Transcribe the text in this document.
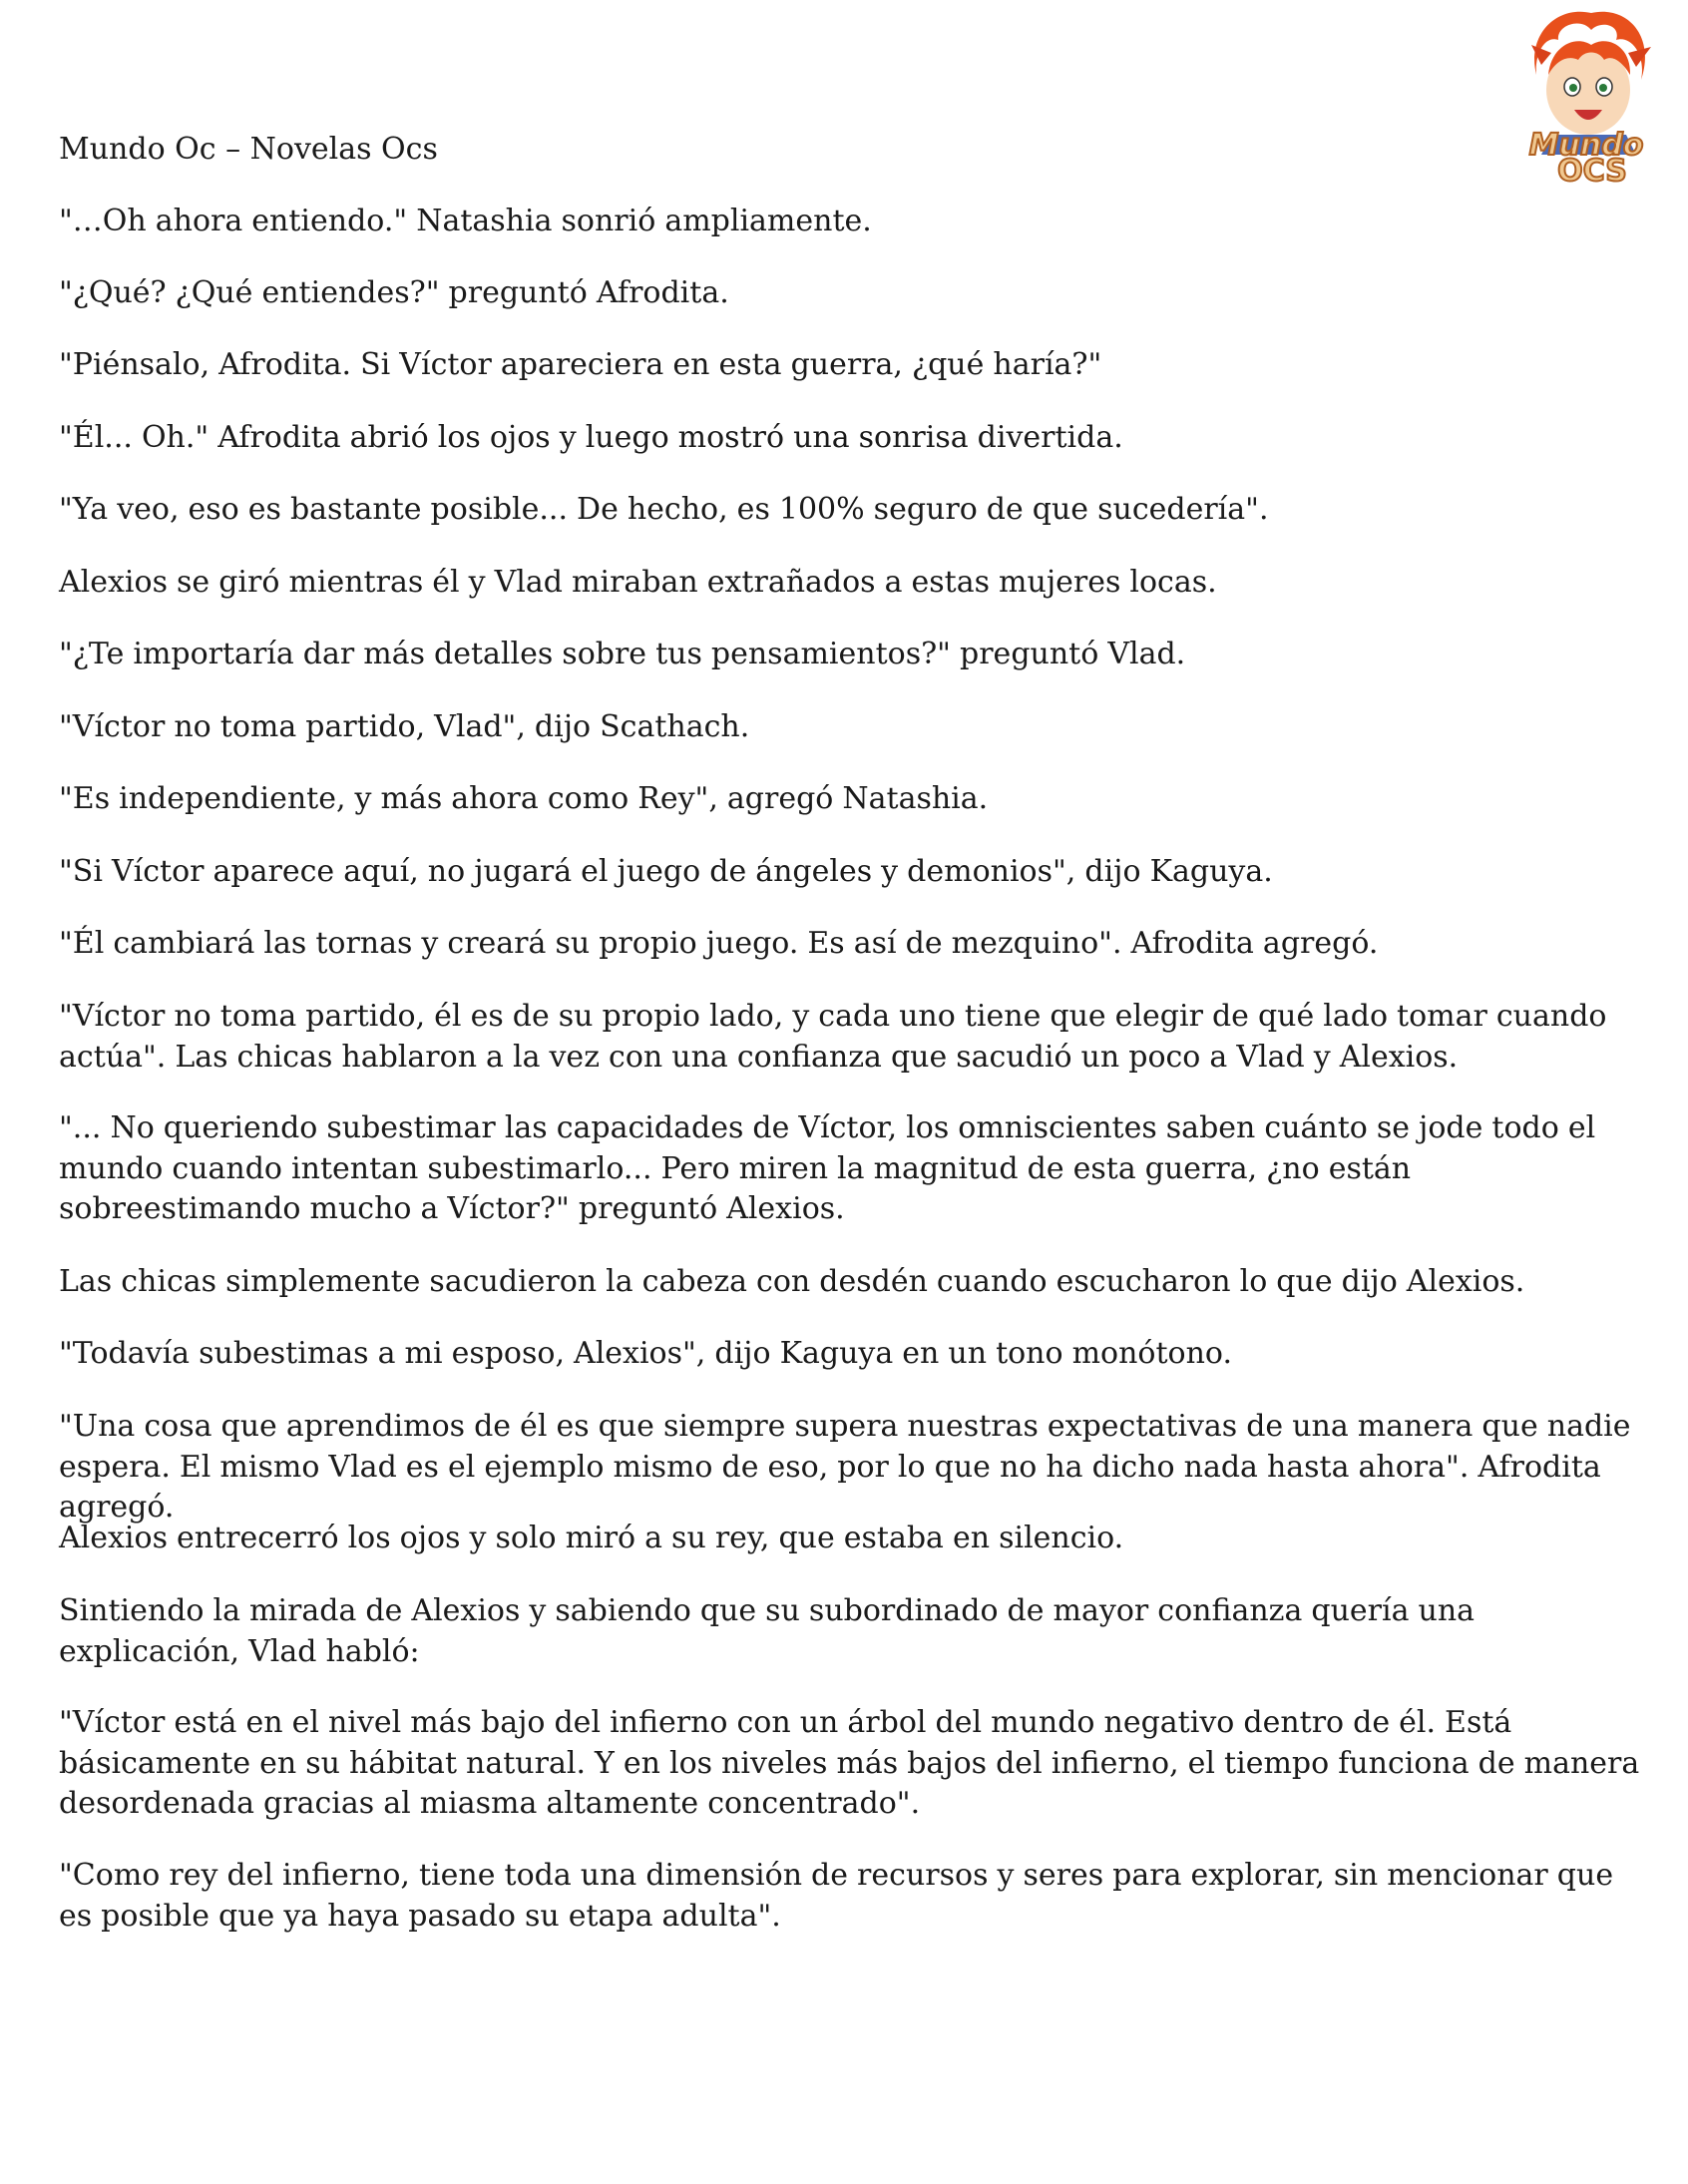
Mundo Oc – Novelas Ocs	Mundo
OCS

"…Oh ahora entiendo." Natashia sonrió ampliamente.

"¿Qué? ¿Qué entiendes?" preguntó Afrodita.

"Piénsalo, Afrodita. Si Víctor apareciera en esta guerra, ¿qué haría?"

"Él... Oh." Afrodita abrió los ojos y luego mostró una sonrisa divertida.

"Ya veo, eso es bastante posible... De hecho, es 100% seguro de que sucedería".

Alexios se giró mientras él y Vlad miraban extrañados a estas mujeres locas.

"¿Te importaría dar más detalles sobre tus pensamientos?" preguntó Vlad.

"Víctor no toma partido, Vlad", dijo Scathach.

"Es independiente, y más ahora como Rey", agregó Natashia.

"Si Víctor aparece aquí, no jugará el juego de ángeles y demonios", dijo Kaguya.

"Él cambiará las tornas y creará su propio juego. Es así de mezquino". Afrodita agregó.

"Víctor no toma partido, él es de su propio lado, y cada uno tiene que elegir de qué lado tomar cuando actúa". Las chicas hablaron a la vez con una confianza que sacudió un poco a Vlad y Alexios.

"... No queriendo subestimar las capacidades de Víctor, los omniscientes saben cuánto se jode todo el mundo cuando intentan subestimarlo... Pero miren la magnitud de esta guerra, ¿no están sobreestimando mucho a Víctor?" preguntó Alexios.

Las chicas simplemente sacudieron la cabeza con desdén cuando escucharon lo que dijo Alexios.

"Todavía subestimas a mi esposo, Alexios", dijo Kaguya en un tono monótono.

"Una cosa que aprendimos de él es que siempre supera nuestras expectativas de una manera que nadie espera. El mismo Vlad es el ejemplo mismo de eso, por lo que no ha dicho nada hasta ahora". Afrodita agregó.

Alexios entrecerró los ojos y solo miró a su rey, que estaba en silencio.

Sintiendo la mirada de Alexios y sabiendo que su subordinado de mayor confianza quería una explicación, Vlad habló:

"Víctor está en el nivel más bajo del infierno con un árbol del mundo negativo dentro de él. Está básicamente en su hábitat natural. Y en los niveles más bajos del infierno, el tiempo funciona de manera desordenada gracias al miasma altamente concentrado".

"Como rey del infierno, tiene toda una dimensión de recursos y seres para explorar, sin mencionar que es posible que ya haya pasado su etapa adulta".
